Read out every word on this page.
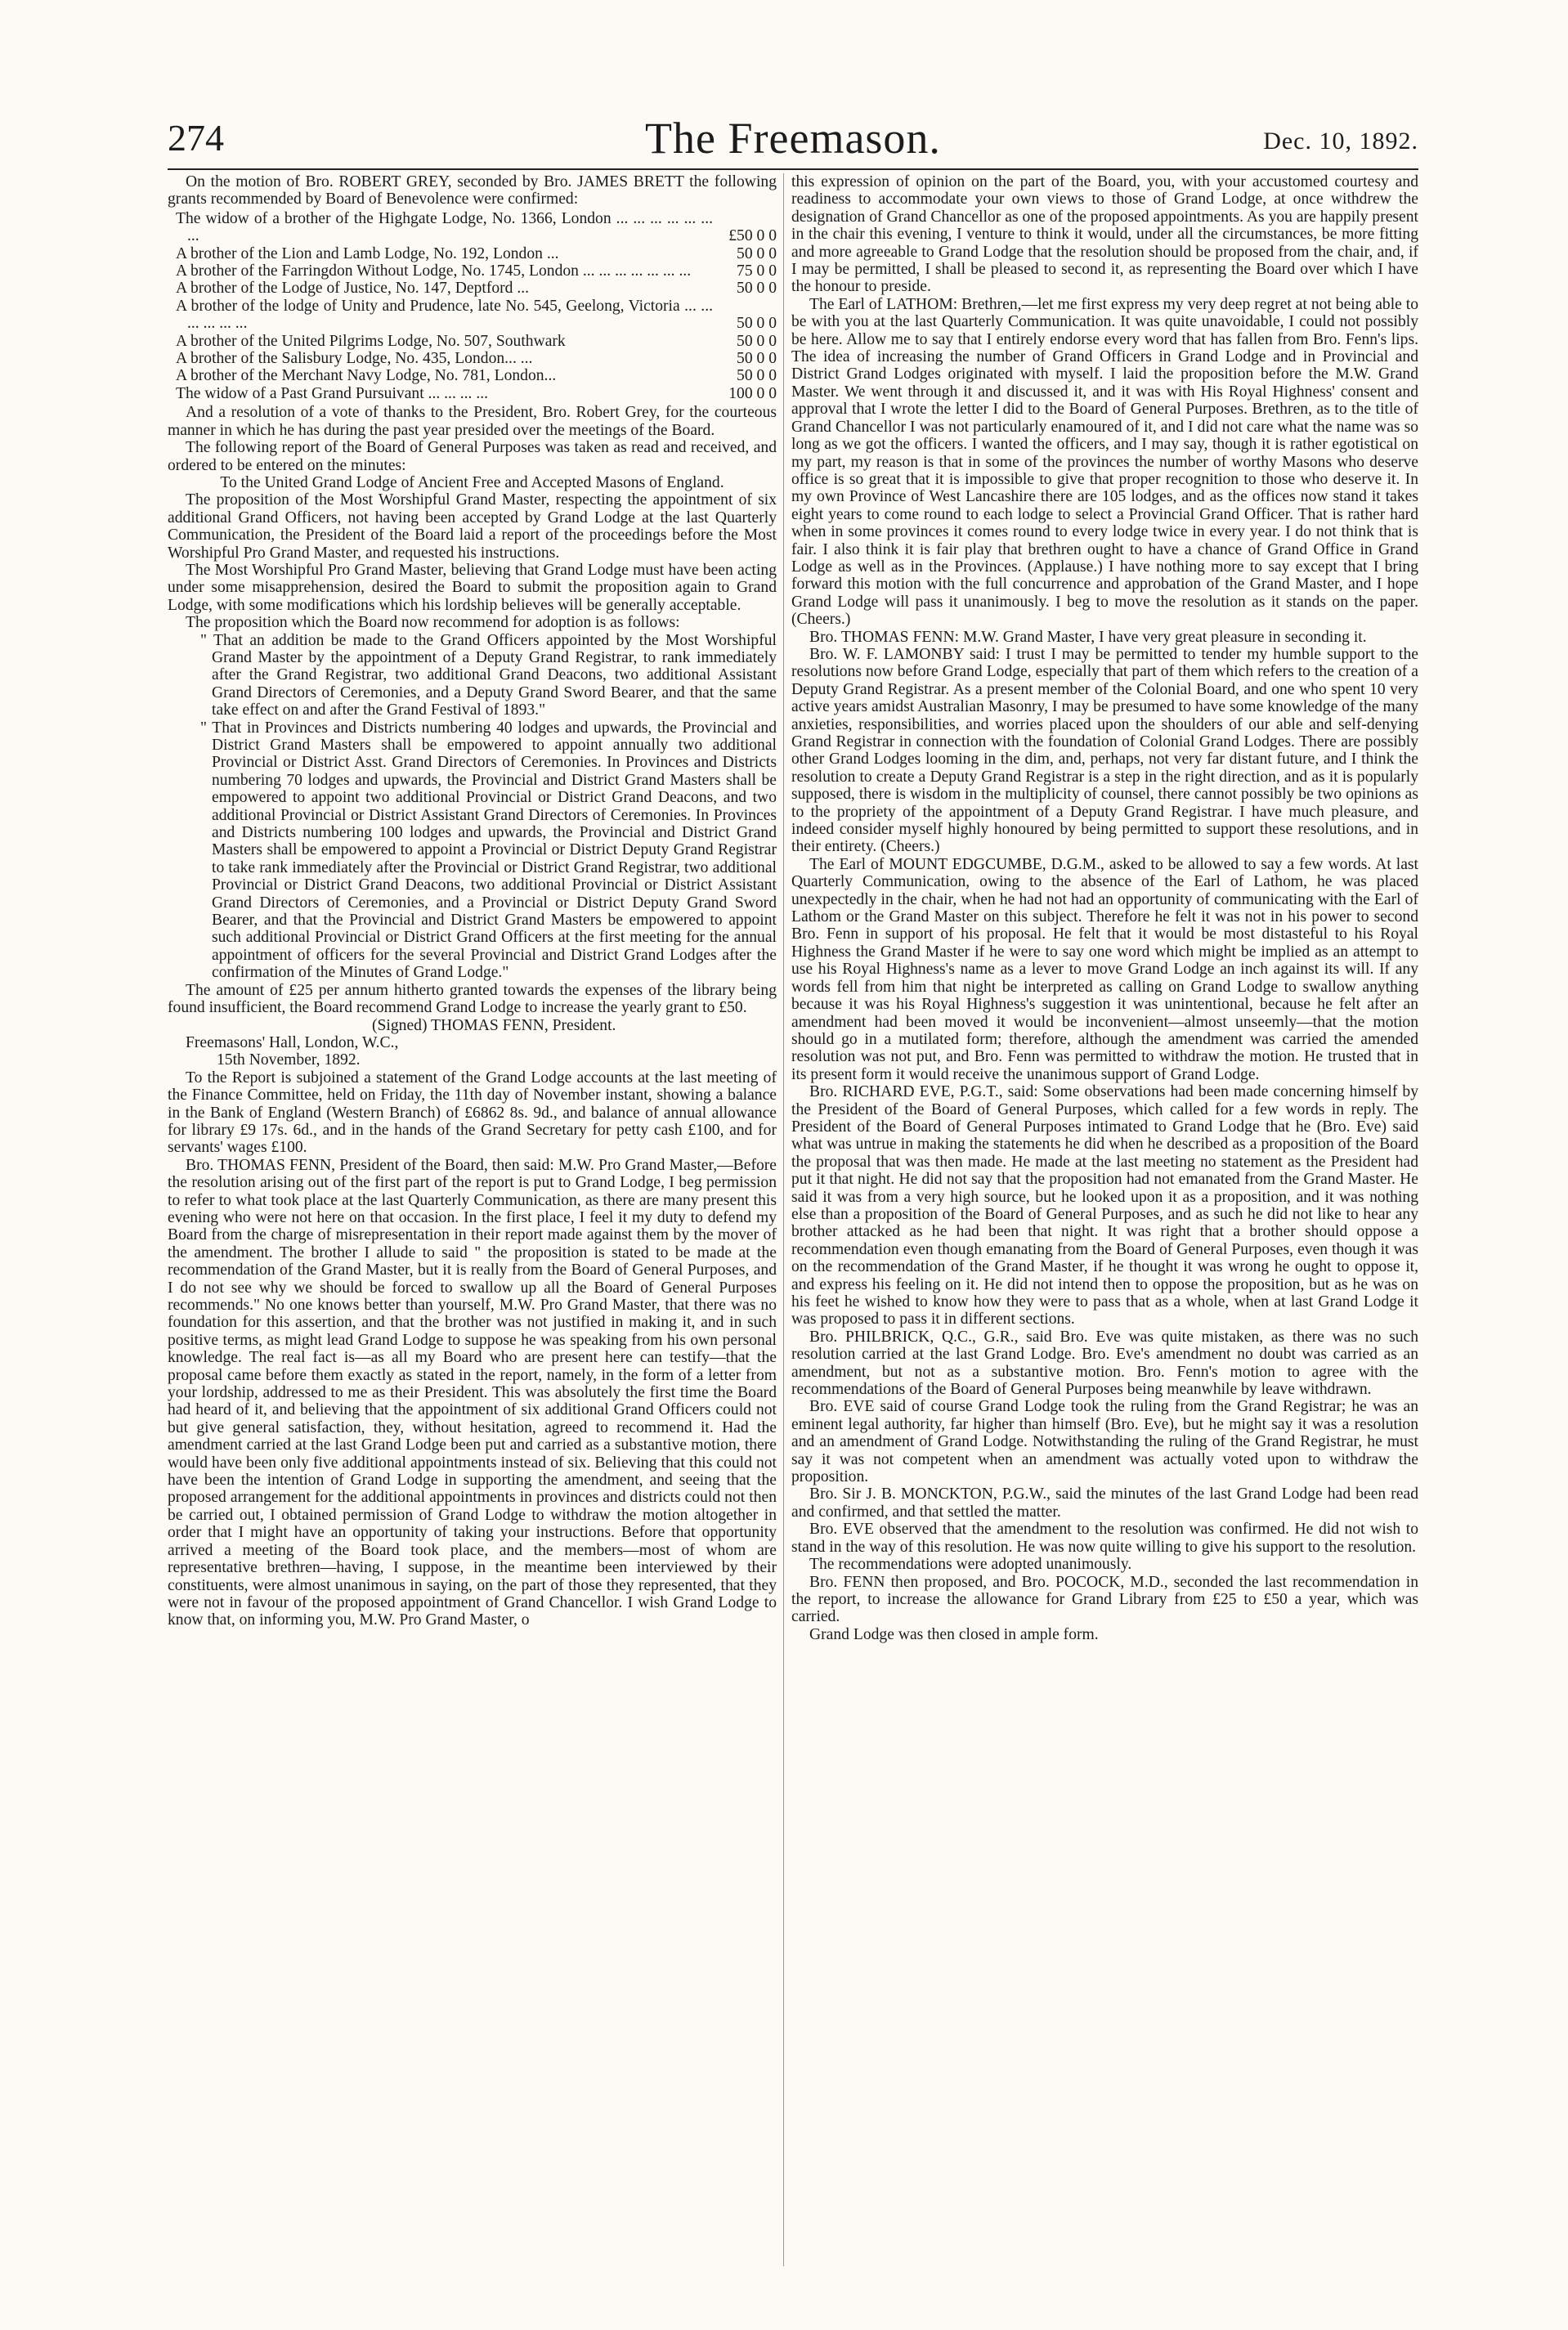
274	The Freemason.	Dec. 10, 1892.

On the motion of Bro. ROBERT GREY, seconded by Bro. JAMES BRETT the following grants recommended by Board of Benevolence were confirmed:

The widow of a brother of the Highgate Lodge, No. 1366, London ... ... ... ... ... ... ...	£50 0 0
A brother of the Lion and Lamb Lodge, No. 192, London ...	50 0 0
A brother of the Farringdon Without Lodge, No. 1745, London ... ... ... ... ... ... ...	75 0 0
A brother of the Lodge of Justice, No. 147, Deptford ...	50 0 0
A brother of the lodge of Unity and Prudence, late No. 545, Geelong, Victoria ... ... ... ... ... ...	50 0 0
A brother of the United Pilgrims Lodge, No. 507, Southwark	50 0 0
A brother of the Salisbury Lodge, No. 435, London... ...	50 0 0
A brother of the Merchant Navy Lodge, No. 781, London...	50 0 0
The widow of a Past Grand Pursuivant ... ... ... ...	100 0 0

And a resolution of a vote of thanks to the President, Bro. Robert Grey, for the courteous manner in which he has during the past year presided over the meetings of the Board.

The following report of the Board of General Purposes was taken as read and received, and ordered to be entered on the minutes:

To the United Grand Lodge of Ancient Free and Accepted Masons of England.

The proposition of the Most Worshipful Grand Master, respecting the appointment of six additional Grand Officers, not having been accepted by Grand Lodge at the last Quarterly Communication, the President of the Board laid a report of the proceedings before the Most Worshipful Pro Grand Master, and requested his instructions.

The Most Worshipful Pro Grand Master, believing that Grand Lodge must have been acting under some misapprehension, desired the Board to submit the proposition again to Grand Lodge, with some modifications which his lordship believes will be generally acceptable.

The proposition which the Board now recommend for adoption is as follows:

" That an addition be made to the Grand Officers appointed by the Most Worshipful Grand Master by the appointment of a Deputy Grand Registrar, to rank immediately after the Grand Registrar, two additional Grand Deacons, two additional Assistant Grand Directors of Ceremonies, and a Deputy Grand Sword Bearer, and that the same take effect on and after the Grand Festival of 1893."

" That in Provinces and Districts numbering 40 lodges and upwards, the Provincial and District Grand Masters shall be empowered to appoint annually two additional Provincial or District Asst. Grand Directors of Ceremonies. In Provinces and Districts numbering 70 lodges and upwards, the Provincial and District Grand Masters shall be empowered to appoint two additional Provincial or District Grand Deacons, and two additional Provincial or District Assistant Grand Directors of Ceremonies. In Provinces and Districts numbering 100 lodges and upwards, the Provincial and District Grand Masters shall be empowered to appoint a Provincial or District Deputy Grand Registrar to take rank immediately after the Provincial or District Grand Registrar, two additional Provincial or District Grand Deacons, two additional Provincial or District Assistant Grand Directors of Ceremonies, and a Provincial or District Deputy Grand Sword Bearer, and that the Provincial and District Grand Masters be empowered to appoint such additional Provincial or District Grand Officers at the first meeting for the annual appointment of officers for the several Provincial and District Grand Lodges after the confirmation of the Minutes of Grand Lodge."

The amount of £25 per annum hitherto granted towards the expenses of the library being found insufficient, the Board recommend Grand Lodge to increase the yearly grant to £50.

(Signed) THOMAS FENN, President.

Freemasons' Hall, London, W.C.,

15th November, 1892.

To the Report is subjoined a statement of the Grand Lodge accounts at the last meeting of the Finance Committee, held on Friday, the 11th day of November instant, showing a balance in the Bank of England (Western Branch) of £6862 8s. 9d., and balance of annual allowance for library £9 17s. 6d., and in the hands of the Grand Secretary for petty cash £100, and for servants' wages £100.

Bro. THOMAS FENN, President of the Board, then said: M.W. Pro Grand Master,—Before the resolution arising out of the first part of the report is put to Grand Lodge, I beg permission to refer to what took place at the last Quarterly Communication, as there are many present this evening who were not here on that occasion. In the first place, I feel it my duty to defend my Board from the charge of misrepresentation in their report made against them by the mover of the amendment. The brother I allude to said " the proposition is stated to be made at the recommendation of the Grand Master, but it is really from the Board of General Purposes, and I do not see why we should be forced to swallow up all the Board of General Purposes recommends." No one knows better than yourself, M.W. Pro Grand Master, that there was no foundation for this assertion, and that the brother was not justified in making it, and in such positive terms, as might lead Grand Lodge to suppose he was speaking from his own personal knowledge. The real fact is—as all my Board who are present here can testify—that the proposal came before them exactly as stated in the report, namely, in the form of a letter from your lordship, addressed to me as their President. This was absolutely the first time the Board had heard of it, and believing that the appointment of six additional Grand Officers could not but give general satisfaction, they, without hesitation, agreed to recommend it. Had the amendment carried at the last Grand Lodge been put and carried as a substantive motion, there would have been only five additional appointments instead of six. Believing that this could not have been the intention of Grand Lodge in supporting the amendment, and seeing that the proposed arrangement for the additional appointments in provinces and districts could not then be carried out, I obtained permission of Grand Lodge to withdraw the motion altogether in order that I might have an opportunity of taking your instructions. Before that opportunity arrived a meeting of the Board took place, and the members—most of whom are representative brethren—having, I suppose, in the meantime been interviewed by their constituents, were almost unanimous in saying, on the part of those they represented, that they were not in favour of the proposed appointment of Grand Chancellor. I wish Grand Lodge to know that, on informing you, M.W. Pro Grand Master, o

this expression of opinion on the part of the Board, you, with your accustomed courtesy and readiness to accommodate your own views to those of Grand Lodge, at once withdrew the designation of Grand Chancellor as one of the proposed appointments. As you are happily present in the chair this evening, I venture to think it would, under all the circumstances, be more fitting and more agreeable to Grand Lodge that the resolution should be proposed from the chair, and, if I may be permitted, I shall be pleased to second it, as representing the Board over which I have the honour to preside.

The Earl of LATHOM: Brethren,—let me first express my very deep regret at not being able to be with you at the last Quarterly Communication. It was quite unavoidable, I could not possibly be here. Allow me to say that I entirely endorse every word that has fallen from Bro. Fenn's lips. The idea of increasing the number of Grand Officers in Grand Lodge and in Provincial and District Grand Lodges originated with myself. I laid the proposition before the M.W. Grand Master. We went through it and discussed it, and it was with His Royal Highness' consent and approval that I wrote the letter I did to the Board of General Purposes. Brethren, as to the title of Grand Chancellor I was not particularly enamoured of it, and I did not care what the name was so long as we got the officers. I wanted the officers, and I may say, though it is rather egotistical on my part, my reason is that in some of the provinces the number of worthy Masons who deserve office is so great that it is impossible to give that proper recognition to those who deserve it. In my own Province of West Lancashire there are 105 lodges, and as the offices now stand it takes eight years to come round to each lodge to select a Provincial Grand Officer. That is rather hard when in some provinces it comes round to every lodge twice in every year. I do not think that is fair. I also think it is fair play that brethren ought to have a chance of Grand Office in Grand Lodge as well as in the Provinces. (Applause.) I have nothing more to say except that I bring forward this motion with the full concurrence and approbation of the Grand Master, and I hope Grand Lodge will pass it unanimously. I beg to move the resolution as it stands on the paper. (Cheers.)

Bro. THOMAS FENN: M.W. Grand Master, I have very great pleasure in seconding it.

Bro. W. F. LAMONBY said: I trust I may be permitted to tender my humble support to the resolutions now before Grand Lodge, especially that part of them which refers to the creation of a Deputy Grand Registrar. As a present member of the Colonial Board, and one who spent 10 very active years amidst Australian Masonry, I may be presumed to have some knowledge of the many anxieties, responsibilities, and worries placed upon the shoulders of our able and self-denying Grand Registrar in connection with the foundation of Colonial Grand Lodges. There are possibly other Grand Lodges looming in the dim, and, perhaps, not very far distant future, and I think the resolution to create a Deputy Grand Registrar is a step in the right direction, and as it is popularly supposed, there is wisdom in the multiplicity of counsel, there cannot possibly be two opinions as to the propriety of the appointment of a Deputy Grand Registrar. I have much pleasure, and indeed consider myself highly honoured by being permitted to support these resolutions, and in their entirety. (Cheers.)

The Earl of MOUNT EDGCUMBE, D.G.M., asked to be allowed to say a few words. At last Quarterly Communication, owing to the absence of the Earl of Lathom, he was placed unexpectedly in the chair, when he had not had an opportunity of communicating with the Earl of Lathom or the Grand Master on this subject. Therefore he felt it was not in his power to second Bro. Fenn in support of his proposal. He felt that it would be most distasteful to his Royal Highness the Grand Master if he were to say one word which might be implied as an attempt to use his Royal Highness's name as a lever to move Grand Lodge an inch against its will. If any words fell from him that night be interpreted as calling on Grand Lodge to swallow anything because it was his Royal Highness's suggestion it was unintentional, because he felt after an amendment had been moved it would be inconvenient—almost unseemly—that the motion should go in a mutilated form; therefore, although the amendment was carried the amended resolution was not put, and Bro. Fenn was permitted to withdraw the motion. He trusted that in its present form it would receive the unanimous support of Grand Lodge.

Bro. RICHARD EVE, P.G.T., said: Some observations had been made concerning himself by the President of the Board of General Purposes, which called for a few words in reply. The President of the Board of General Purposes intimated to Grand Lodge that he (Bro. Eve) said what was untrue in making the statements he did when he described as a proposition of the Board the proposal that was then made. He made at the last meeting no statement as the President had put it that night. He did not say that the proposition had not emanated from the Grand Master. He said it was from a very high source, but he looked upon it as a proposition, and it was nothing else than a proposition of the Board of General Purposes, and as such he did not like to hear any brother attacked as he had been that night. It was right that a brother should oppose a recommendation even though emanating from the Board of General Purposes, even though it was on the recommendation of the Grand Master, if he thought it was wrong he ought to oppose it, and express his feeling on it. He did not intend then to oppose the proposition, but as he was on his feet he wished to know how they were to pass that as a whole, when at last Grand Lodge it was proposed to pass it in different sections.

Bro. PHILBRICK, Q.C., G.R., said Bro. Eve was quite mistaken, as there was no such resolution carried at the last Grand Lodge. Bro. Eve's amendment no doubt was carried as an amendment, but not as a substantive motion. Bro. Fenn's motion to agree with the recommendations of the Board of General Purposes being meanwhile by leave withdrawn.

Bro. EVE said of course Grand Lodge took the ruling from the Grand Registrar; he was an eminent legal authority, far higher than himself (Bro. Eve), but he might say it was a resolution and an amendment of Grand Lodge. Notwithstanding the ruling of the Grand Registrar, he must say it was not competent when an amendment was actually voted upon to withdraw the proposition.

Bro. Sir J. B. MONCKTON, P.G.W., said the minutes of the last Grand Lodge had been read and confirmed, and that settled the matter.

Bro. EVE observed that the amendment to the resolution was confirmed. He did not wish to stand in the way of this resolution. He was now quite willing to give his support to the resolution.

The recommendations were adopted unanimously.

Bro. FENN then proposed, and Bro. POCOCK, M.D., seconded the last recommendation in the report, to increase the allowance for Grand Library from £25 to £50 a year, which was carried.

Grand Lodge was then closed in ample form.
